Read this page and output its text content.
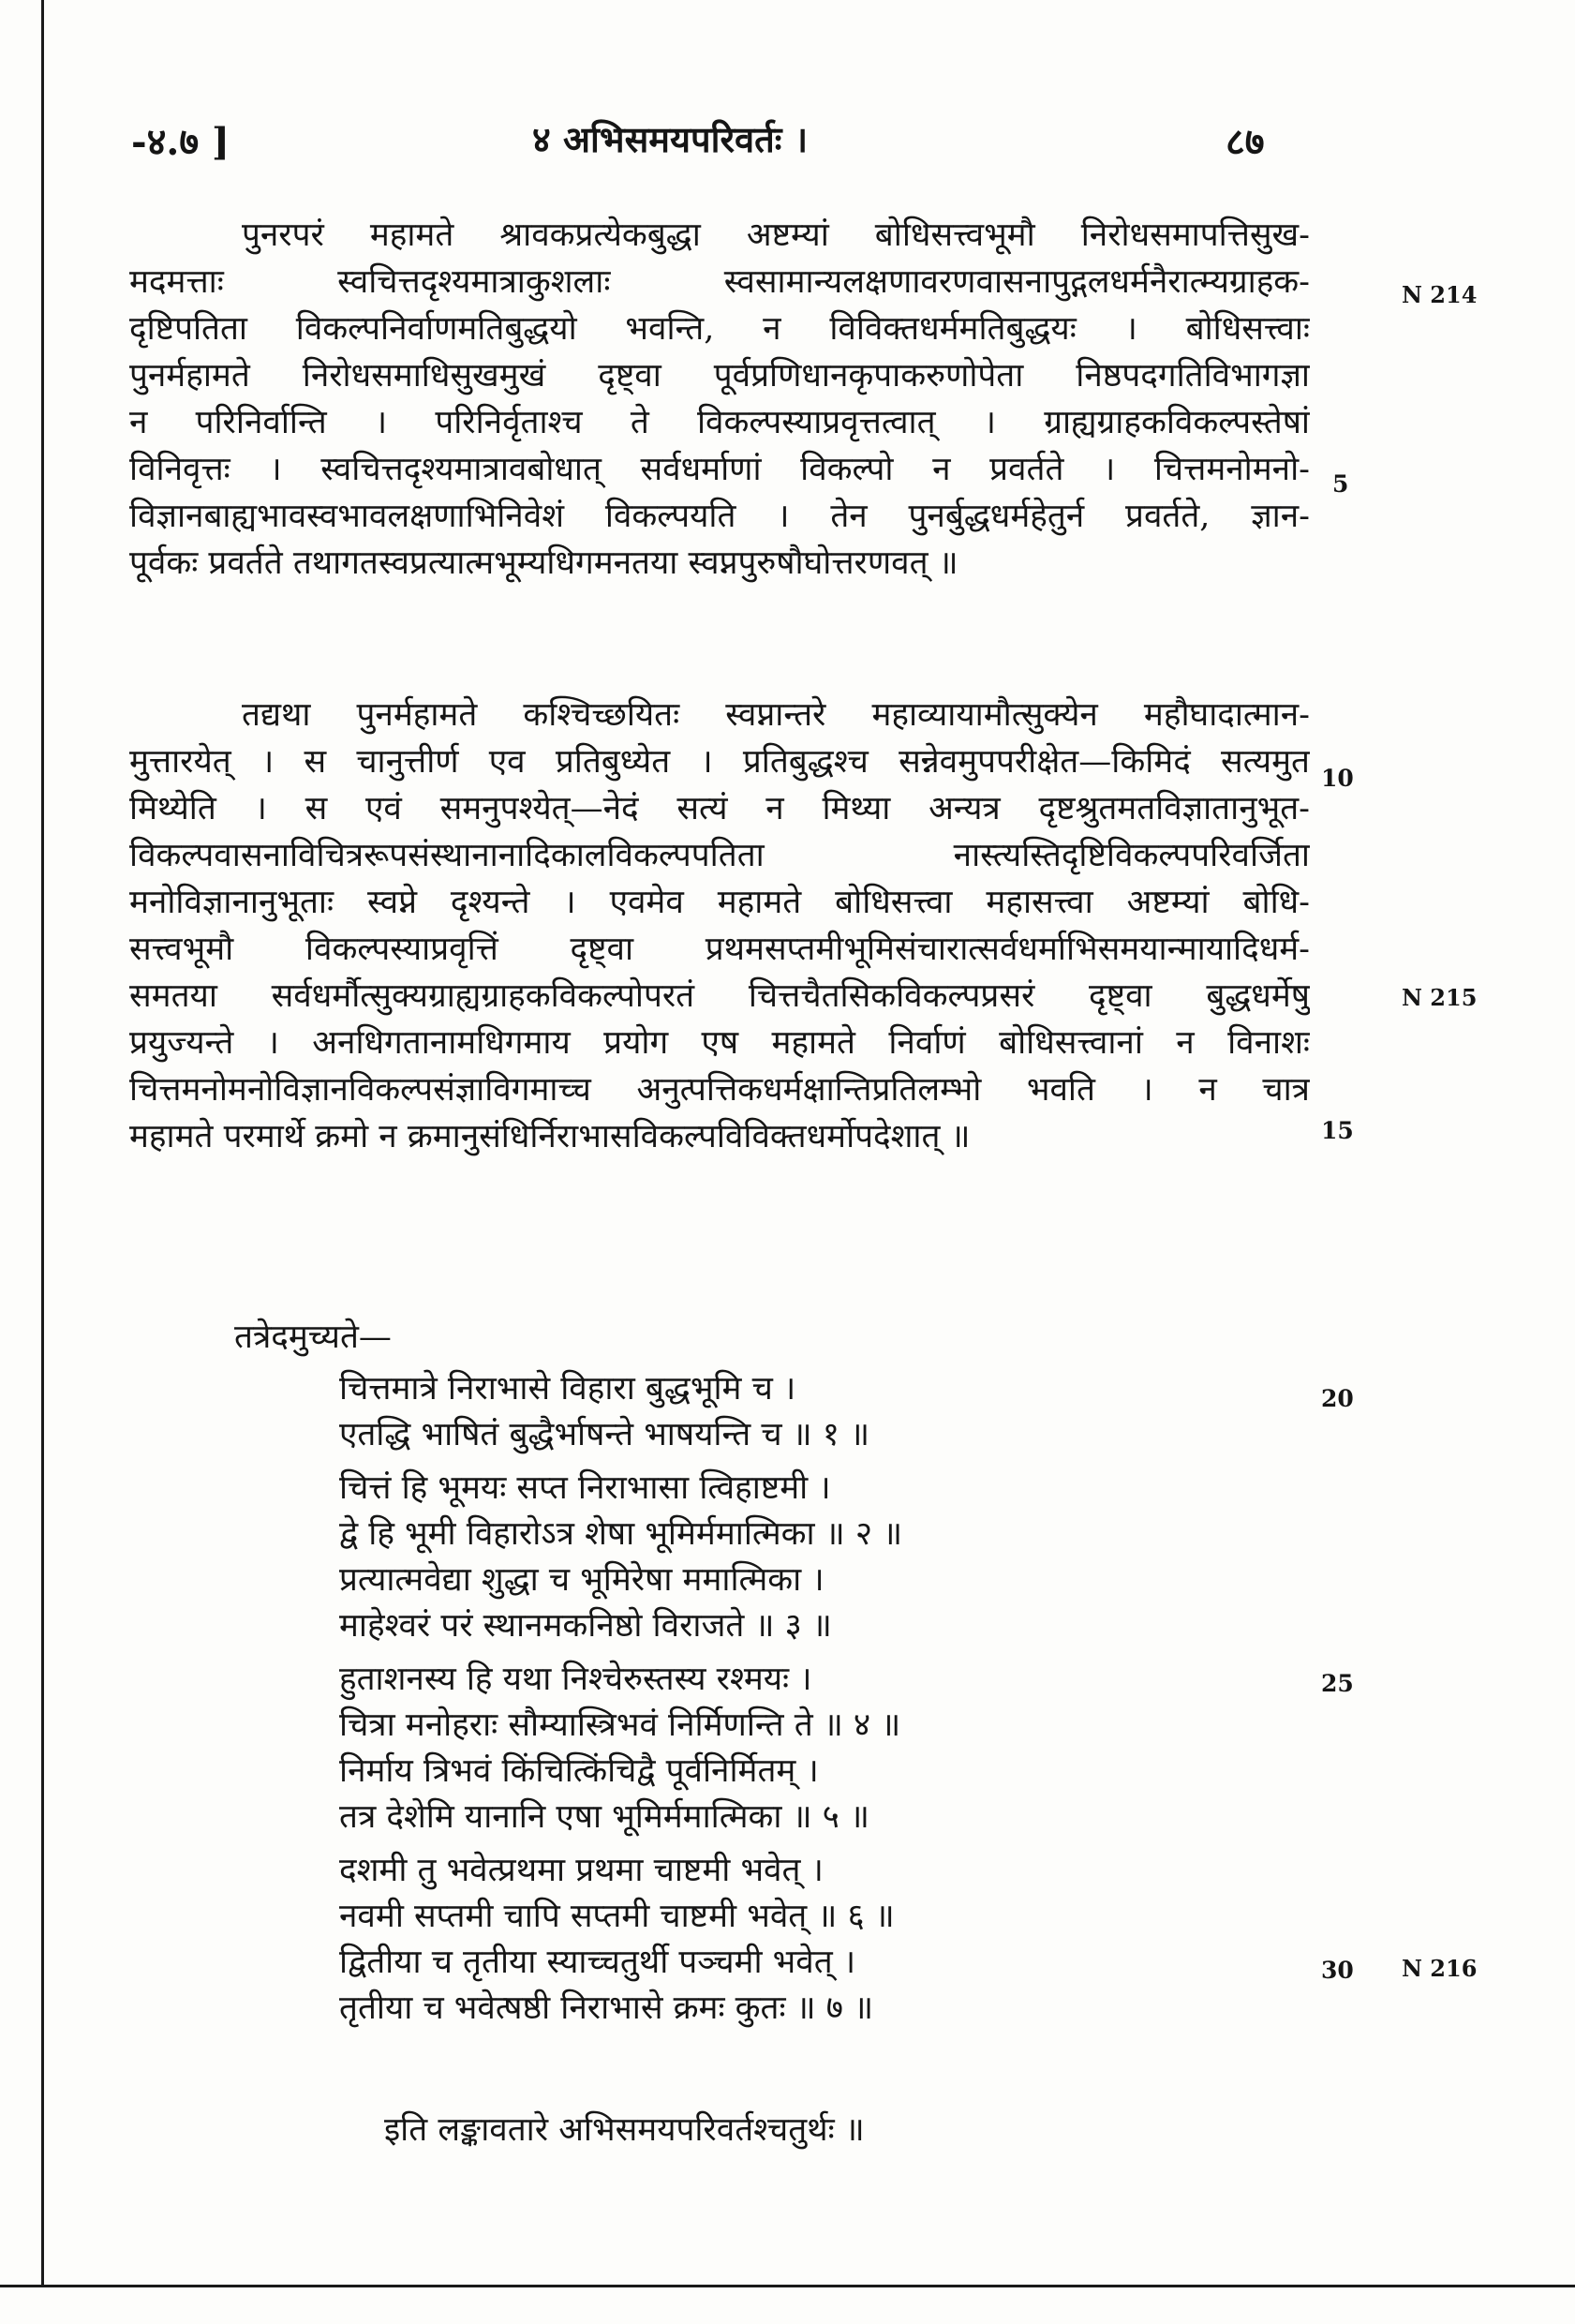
-४.७ ]	४ अभिसमयपरिवर्तः ।	८७
पुनरपरं महामते श्रावकप्रत्येकबुद्धा अष्टम्यां बोधिसत्त्वभूमौ निरोधसमापत्तिसुख-
मदमत्ताः स्वचित्तदृश्यमात्राकुशलाः स्वसामान्यलक्षणावरणवासनापुद्गलधर्मनैरात्म्यग्राहक-
दृष्टिपतिता विकल्पनिर्वाणमतिबुद्धयो भवन्ति, न विविक्तधर्ममतिबुद्धयः । बोधिसत्त्वाः
पुनर्महामते निरोधसमाधिसुखमुखं दृष्ट्वा पूर्वप्रणिधानकृपाकरुणोपेता निष्ठपदगतिविभागज्ञा
न परिनिर्वान्ति । परिनिर्वृताश्च ते विकल्पस्याप्रवृत्तत्वात् । ग्राह्यग्राहकविकल्पस्तेषां
विनिवृत्तः । स्वचित्तदृश्यमात्रावबोधात् सर्वधर्माणां विकल्पो न प्रवर्तते । चित्तमनोमनो-
विज्ञानबाह्यभावस्वभावलक्षणाभिनिवेशं विकल्पयति । तेन पुनर्बुद्धधर्महेतुर्न प्रवर्तते, ज्ञान-
पूर्वकः प्रवर्तते तथागतस्वप्रत्यात्मभूम्यधिगमनतया स्वप्नपुरुषौघोत्तरणवत् ॥
तद्यथा पुनर्महामते कश्चिच्छयितः स्वप्नान्तरे महाव्यायामौत्सुक्येन महौघादात्मान-
मुत्तारयेत् । स चानुत्तीर्ण एव प्रतिबुध्येत । प्रतिबुद्धश्च सन्नेवमुपपरीक्षेत—किमिदं सत्यमुत
मिथ्येति । स एवं समनुपश्येत्—नेदं सत्यं न मिथ्या अन्यत्र दृष्टश्रुतमतविज्ञातानुभूत-
विकल्पवासनाविचित्ररूपसंस्थानानादिकालविकल्पपतिता नास्त्यस्तिदृष्टिविकल्पपरिवर्जिता
मनोविज्ञानानुभूताः स्वप्ने दृश्यन्ते । एवमेव महामते बोधिसत्त्वा महासत्त्वा अष्टम्यां बोधि-
सत्त्वभूमौ विकल्पस्याप्रवृत्तिं दृष्ट्वा प्रथमसप्तमीभूमिसंचारात्सर्वधर्माभिसमयान्मायादिधर्म-
समतया सर्वधर्मौत्सुक्यग्राह्यग्राहकविकल्पोपरतं चित्तचैतसिकविकल्पप्रसरं दृष्ट्वा बुद्धधर्मेषु
प्रयुज्यन्ते । अनधिगतानामधिगमाय प्रयोग एष महामते निर्वाणं बोधिसत्त्वानां न विनाशः
चित्तमनोमनोविज्ञानविकल्पसंज्ञाविगमाच्च अनुत्पत्तिकधर्मक्षान्तिप्रतिलम्भो भवति । न चात्र
महामते परमार्थे क्रमो न क्रमानुसंधिर्निराभासविकल्पविविक्तधर्मोपदेशात् ॥
तत्रेदमुच्यते—
चित्तमात्रे निराभासे विहारा बुद्धभूमि च ।
एतद्धि भाषितं बुद्धैर्भाषन्ते भाषयन्ति च ॥ १ ॥
चित्तं हि भूमयः सप्त निराभासा त्विहाष्टमी ।
द्वे हि भूमी विहारोऽत्र शेषा भूमिर्ममात्मिका ॥ २ ॥
प्रत्यात्मवेद्या शुद्धा च भूमिरेषा ममात्मिका ।
माहेश्वरं परं स्थानमकनिष्ठो विराजते ॥ ३ ॥
हुताशनस्य हि यथा निश्चेरुस्तस्य रश्मयः ।
चित्रा मनोहराः सौम्यास्त्रिभवं निर्मिणन्ति ते ॥ ४ ॥
निर्माय त्रिभवं किंचित्किंचिद्वै पूर्वनिर्मितम् ।
तत्र देशेमि यानानि एषा भूमिर्ममात्मिका ॥ ५ ॥
दशमी तु भवेत्प्रथमा प्रथमा चाष्टमी भवेत् ।
नवमी सप्तमी चापि सप्तमी चाष्टमी भवेत् ॥ ६ ॥
द्वितीया च तृतीया स्याच्चतुर्थी पञ्चमी भवेत् ।
तृतीया च भवेत्षष्ठी निराभासे क्रमः कुतः ॥ ७ ॥
इति लङ्कावतारे अभिसमयपरिवर्तश्चतुर्थः ॥
5
10
15
20
25
30
N 214
N 215
N 216
